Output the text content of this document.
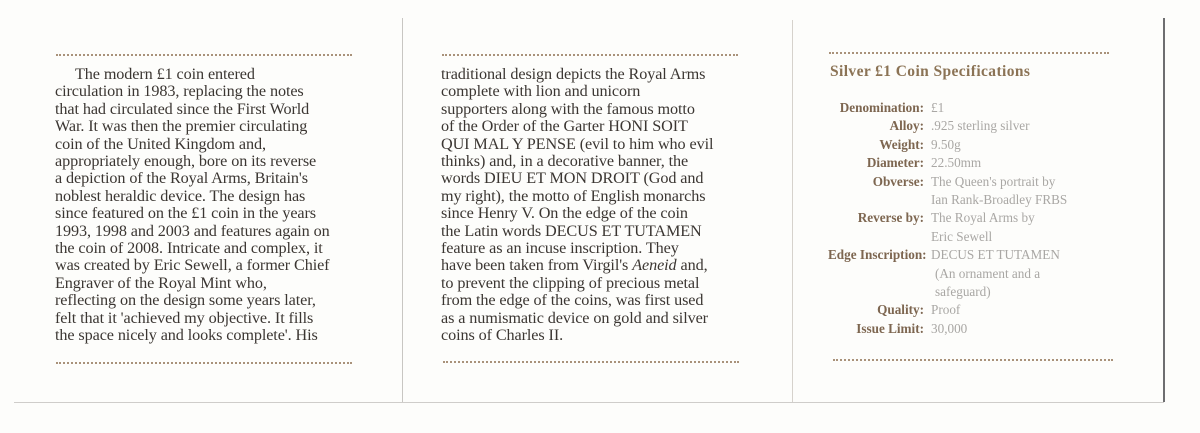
The modern £1 coin entered

circulation in 1983, replacing the notes

that had circulated since the First World

War. It was then the premier circulating

coin of the United Kingdom and,

appropriately enough, bore on its reverse

a depiction of the Royal Arms, Britain's

noblest heraldic device. The design has

since featured on the £1 coin in the years

1993, 1998 and 2003 and features again on

the coin of 2008. Intricate and complex, it

was created by Eric Sewell, a former Chief

Engraver of the Royal Mint who,

reflecting on the design some years later,

felt that it 'achieved my objective. It fills

the space nicely and looks complete'. His

traditional design depicts the Royal Arms

complete with lion and unicorn

supporters along with the famous motto

of the Order of the Garter HONI SOIT

QUI MAL Y PENSE (evil to him who evil

thinks) and, in a decorative banner, the

words DIEU ET MON DROIT (God and

my right), the motto of English monarchs

since Henry V. On the edge of the coin

the Latin words DECUS ET TUTAMEN

feature as an incuse inscription. They

have been taken from Virgil's Aeneid and,

to prevent the clipping of precious metal

from the edge of the coins, was first used

as a numismatic device on gold and silver

coins of Charles II.

Silver £1 Coin Specifications
Denomination: £1
Alloy: .925 sterling silver
Weight: 9.50g
Diameter: 22.50mm
Obverse: The Queen's portrait by
Ian Rank-Broadley FRBS
Reverse by: The Royal Arms by
Eric Sewell
Edge Inscription: DECUS ET TUTAMEN
(An ornament and a
safeguard)
Quality: Proof
Issue Limit: 30,000
